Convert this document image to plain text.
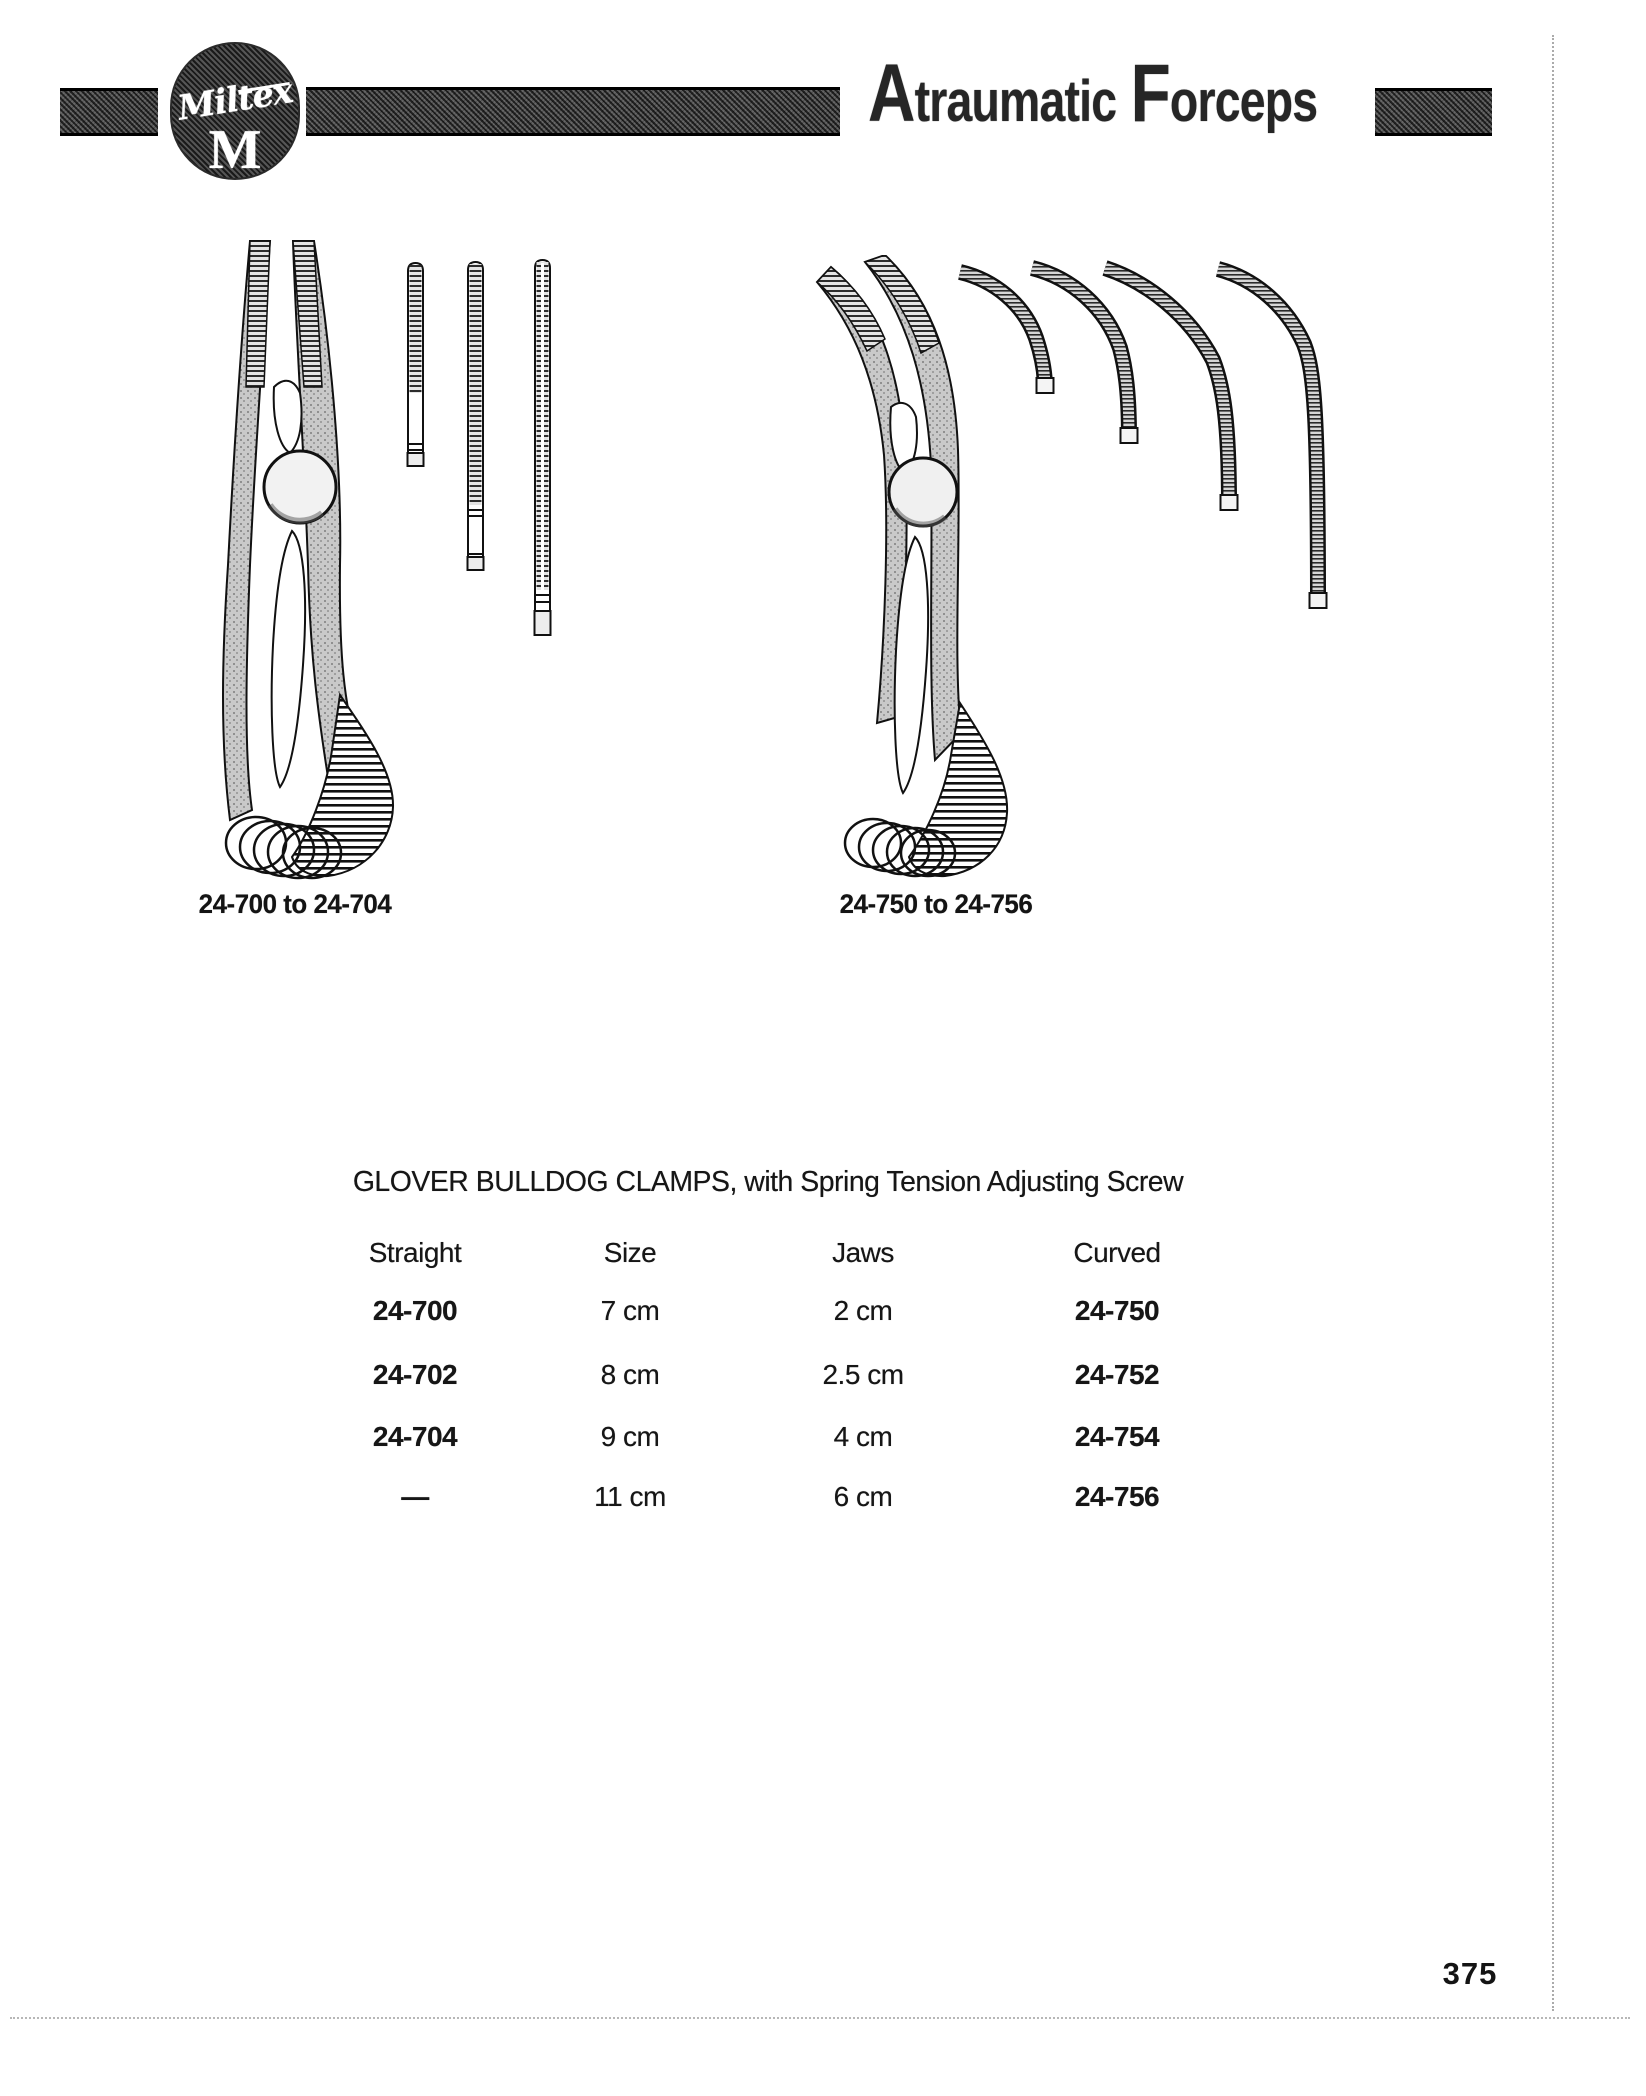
Miltex
M
Atraumatic Forceps
24-700 to 24-704	24-750 to 24-756
GLOVER BULLDOG CLAMPS, with Spring Tension Adjusting Screw
Straight	Size	Jaws	Curved
24-700	7 cm	2 cm	24-750
24-702	8 cm	2.5 cm	24-752
24-704	9 cm	4 cm	24-754
—	11 cm	6 cm	24-756
375
